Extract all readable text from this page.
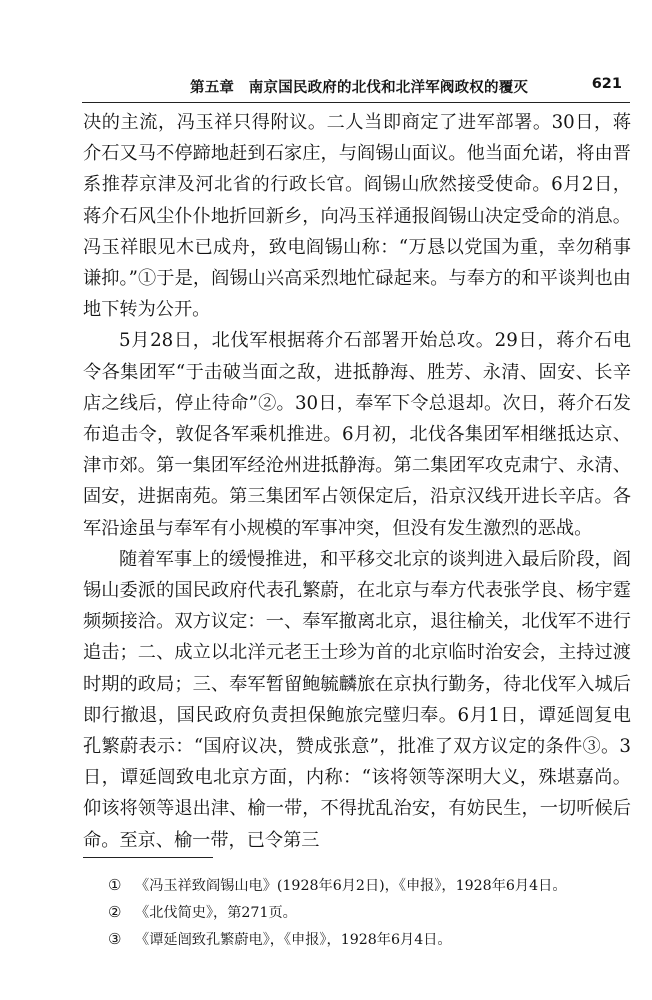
第五章　南京国民政府的北伐和北洋军阀政权的覆灭	621

决的主流，冯玉祥只得附议。二人当即商定了进军部署。30日，蒋介石又马不停蹄地赶到石家庄，与阎锡山面议。他当面允诺，将由晋系推荐京津及河北省的行政长官。阎锡山欣然接受使命。6月2日，蒋介石风尘仆仆地折回新乡，向冯玉祥通报阎锡山决定受命的消息。冯玉祥眼见木已成舟，致电阎锡山称：“万恳以党国为重，幸勿稍事谦抑。”①于是，阎锡山兴高采烈地忙碌起来。与奉方的和平谈判也由地下转为公开。

5月28日，北伐军根据蒋介石部署开始总攻。29日，蒋介石电令各集团军“于击破当面之敌，进抵静海、胜芳、永清、固安、长辛店之线后，停止待命”②。30日，奉军下令总退却。次日，蒋介石发布追击令，敦促各军乘机推进。6月初，北伐各集团军相继抵达京、津市郊。第一集团军经沧州进抵静海。第二集团军攻克肃宁、永清、固安，进据南苑。第三集团军占领保定后，沿京汉线开进长辛店。各军沿途虽与奉军有小规模的军事冲突，但没有发生激烈的恶战。

随着军事上的缓慢推进，和平移交北京的谈判进入最后阶段，阎锡山委派的国民政府代表孔繁蔚，在北京与奉方代表张学良、杨宇霆频频接洽。双方议定：一、奉军撤离北京，退往榆关，北伐军不进行追击；二、成立以北洋元老王士珍为首的北京临时治安会，主持过渡时期的政局；三、奉军暂留鲍毓麟旅在京执行勤务，待北伐军入城后即行撤退，国民政府负责担保鲍旅完璧归奉。6月1日，谭延闿复电孔繁蔚表示：“国府议决，赞成张意”，批准了双方议定的条件③。3日，谭延闿致电北京方面，内称：“该将领等深明大义，殊堪嘉尚。仰该将领等退出津、榆一带，不得扰乱治安，有妨民生，一切听候后命。至京、榆一带，已令第三

① 《冯玉祥致阎锡山电》(1928年6月2日)，《申报》，1928年6月4日。
② 《北伐简史》，第271页。
③ 《谭延闿致孔繁蔚电》，《申报》，1928年6月4日。
